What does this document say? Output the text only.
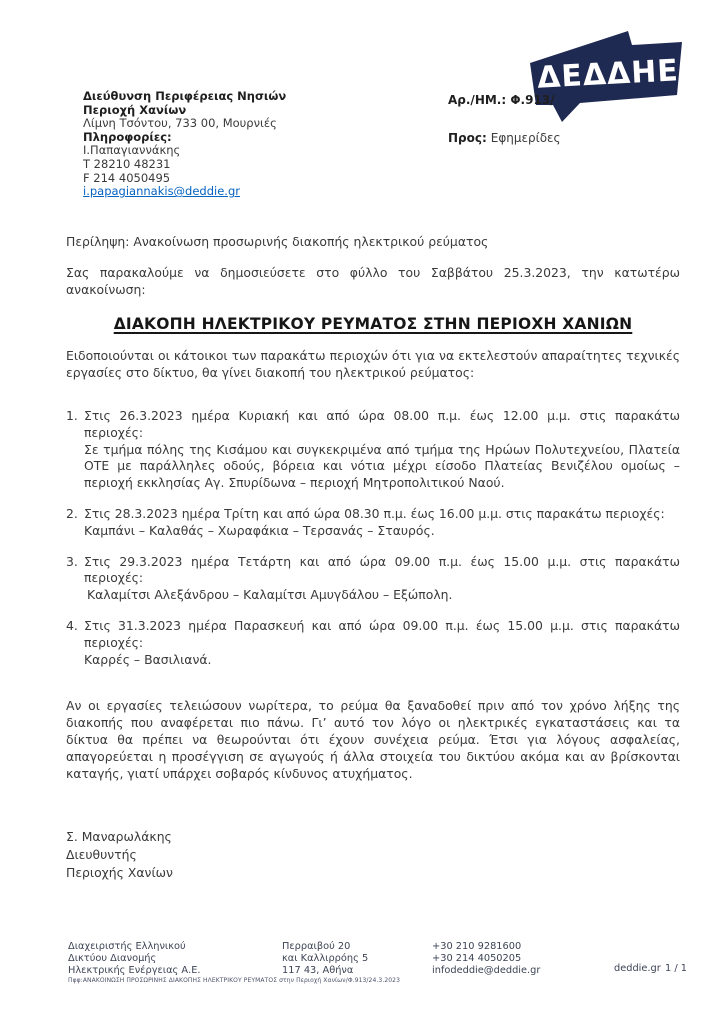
Διεύθυνση Περιφέρειας Νησιών
Περιοχή Χανίων
Λίμνη Τσόντου, 733 00, Μουρνιές
Πληροφορίες:
Ι.Παπαγιαννάκης
Τ 28210 48231
F 214 4050495
i.papagiannakis@deddie.gr
ΔΕΔΔΗΕ
Αρ./ΗΜ.: Φ.913/
Προς: Εφημερίδες
Περίληψη: Ανακοίνωση προσωρινής διακοπής ηλεκτρικού ρεύματος
Σας παρακαλούμε να δημοσιεύσετε στο φύλλο του Σαββάτου 25.3.2023, την κατωτέρω ανακοίνωση:
ΔΙΑΚΟΠΗ ΗΛΕΚΤΡΙΚΟΥ ΡΕΥΜΑΤΟΣ ΣΤΗΝ ΠΕΡΙΟΧΗ ΧΑΝΙΩΝ
Ειδοποιούνται οι κάτοικοι των παρακάτω περιοχών ότι για να εκτελεστούν απαραίτητες τεχνικές εργασίες στο δίκτυο, θα γίνει διακοπή του ηλεκτρικού ρεύματος:
1. Στις 26.3.2023 ημέρα Κυριακή και από ώρα 08.00 π.μ. έως 12.00 μ.μ. στις παρακάτω περιοχές:
Σε τμήμα πόλης της Κισάμου και συγκεκριμένα από τμήμα της Ηρώων Πολυτεχνείου, Πλατεία ΟΤΕ με παράλληλες οδούς, βόρεια και νότια μέχρι είσοδο Πλατείας Βενιζέλου ομοίως – περιοχή εκκλησίας Αγ. Σπυρίδωνα – περιοχή Μητροπολιτικού Ναού.
2. Στις 28.3.2023 ημέρα Τρίτη και από ώρα 08.30 π.μ. έως 16.00 μ.μ. στις παρακάτω περιοχές:
Καμπάνι – Καλαθάς – Χωραφάκια – Τερσανάς – Σταυρός.
3. Στις 29.3.2023 ημέρα Τετάρτη και από ώρα 09.00 π.μ. έως 15.00 μ.μ. στις παρακάτω περιοχές:
Καλαμίτσι Αλεξάνδρου – Καλαμίτσι Αμυγδάλου – Εξώπολη.
4. Στις 31.3.2023 ημέρα Παρασκευή και από ώρα 09.00 π.μ. έως 15.00 μ.μ. στις παρακάτω περιοχές:
Καρρές – Βασιλιανά.
Αν οι εργασίες τελειώσουν νωρίτερα, το ρεύμα θα ξαναδοθεί πριν από τον χρόνο λήξης της διακοπής που αναφέρεται πιο πάνω. Γι’ αυτό τον λόγο οι ηλεκτρικές εγκαταστάσεις και τα δίκτυα θα πρέπει να θεωρούνται ότι έχουν συνέχεια ρεύμα. Έτσι για λόγους ασφαλείας, απαγορεύεται η προσέγγιση σε αγωγούς ή άλλα στοιχεία του δικτύου ακόμα και αν βρίσκονται καταγής, γιατί υπάρχει σοβαρός κίνδυνος ατυχήματος.
Σ. Μαναρωλάκης
Διευθυντής
Περιοχής Χανίων
Διαχειριστής Ελληνικού
Δικτύου Διανομής
Ηλεκτρικής Ενέργειας Α.Ε.
Περραιβού 20
και Καλλιρρόης 5
117 43, Αθήνα
+30 210 9281600
+30 214 4050205
infodeddie@deddie.gr	deddie.gr 1 / 1
Πφφ:ΑΝΑΚΟΙΝΩΣΗ ΠΡΟΣΩΡΙΝΗΣ ΔΙΑΚΟΠΗΣ ΗΛΕΚΤΡΙΚΟΥ ΡΕΥΜΑΤΟΣ στην Περιοχή Χανίων/Φ.913/24.3.2023
